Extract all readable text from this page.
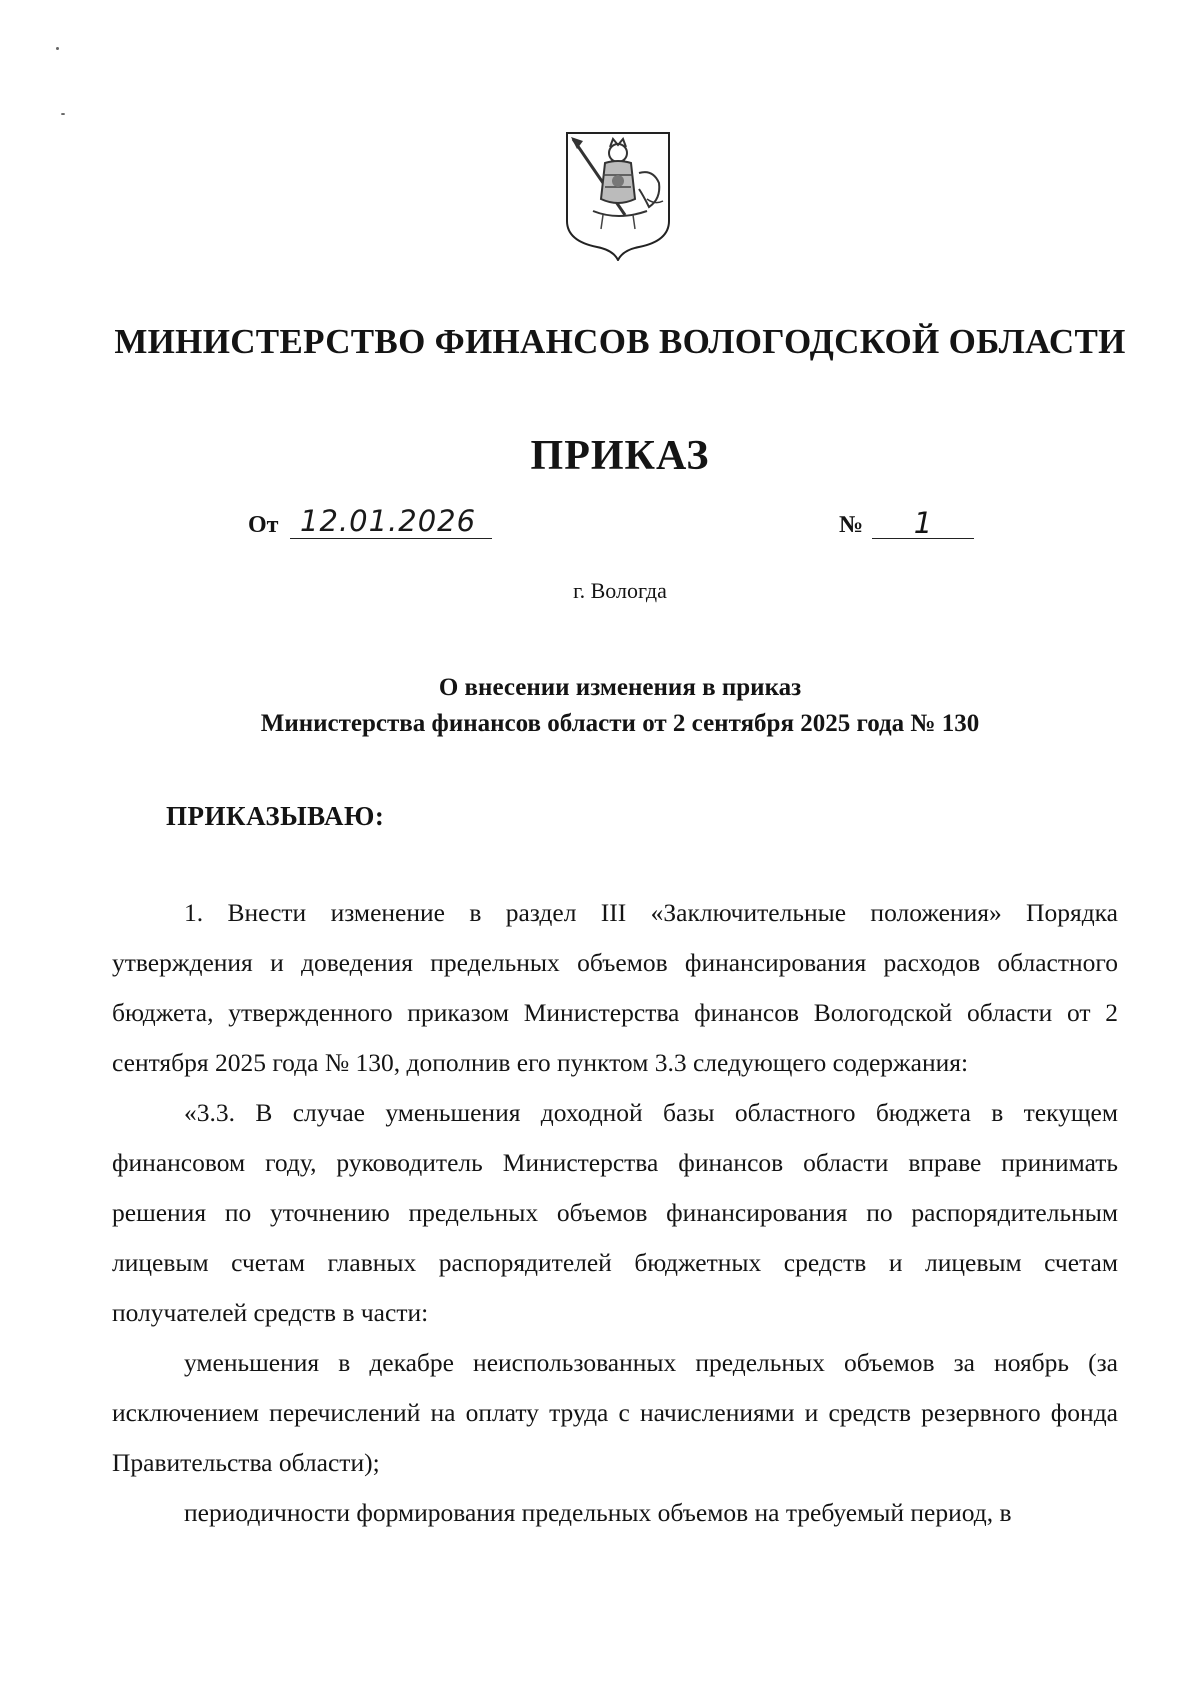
МИНИСТЕРСТВО ФИНАНСОВ ВОЛОГОДСКОЙ ОБЛАСТИ
ПРИКАЗ
От 12.01.2026	№	1
г. Вологда
О внесении изменения в приказ
Министерства финансов области от 2 сентября 2025 года № 130
ПРИКАЗЫВАЮ:

1. Внести изменение в раздел III «Заключительные положения» Порядка утверждения и доведения предельных объемов финансирования расходов областного бюджета, утвержденного приказом Министерства финансов Вологодской области от 2 сентября 2025 года № 130, дополнив его пунктом 3.3 следующего содержания:

«3.3. В случае уменьшения доходной базы областного бюджета в текущем финансовом году, руководитель Министерства финансов области вправе принимать решения по уточнению предельных объемов финансирования по распорядительным лицевым счетам главных распорядителей бюджетных средств и лицевым счетам получателей средств в части:

уменьшения в декабре неиспользованных предельных объемов за ноябрь (за исключением перечислений на оплату труда с начислениями и средств резервного фонда Правительства области);

периодичности формирования предельных объемов на требуемый период, в
